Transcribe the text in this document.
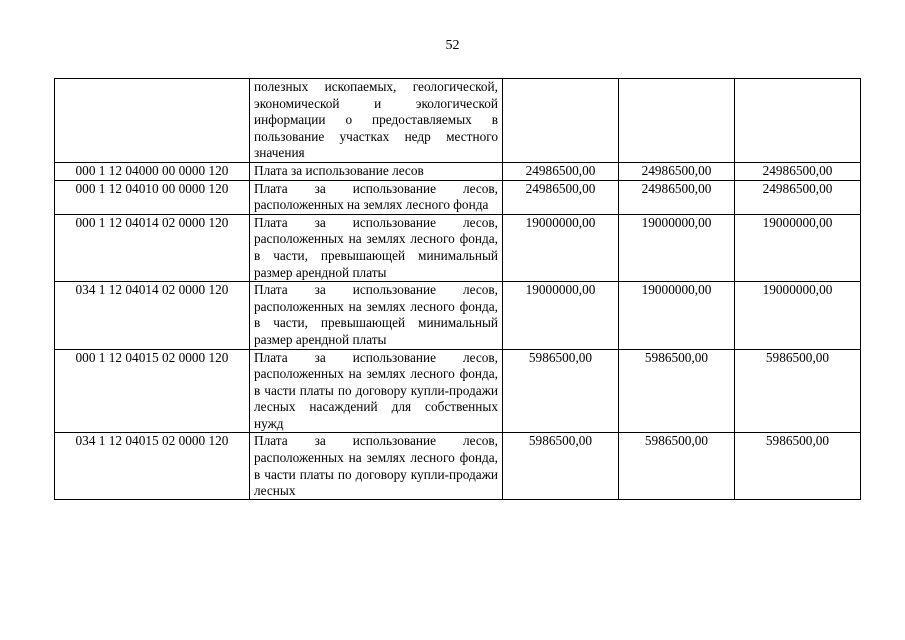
52
	полезных ископаемых, геологической, экономической и экологической информации о предоставляемых в пользование участках недр местного значения			
000 1 12 04000 00 0000 120	Плата за использование лесов	24986500,00	24986500,00	24986500,00
000 1 12 04010 00 0000 120	Плата за использование лесов, расположенных на землях лесного фонда	24986500,00	24986500,00	24986500,00
000 1 12 04014 02 0000 120	Плата за использование лесов, расположенных на землях лесного фонда, в части, превышающей минимальный размер арендной платы	19000000,00	19000000,00	19000000,00
034 1 12 04014 02 0000 120	Плата за использование лесов, расположенных на землях лесного фонда, в части, превышающей минимальный размер арендной платы	19000000,00	19000000,00	19000000,00
000 1 12 04015 02 0000 120	Плата за использование лесов, расположенных на землях лесного фонда, в части платы по договору купли-продажи лесных насаждений для собственных нужд	5986500,00	5986500,00	5986500,00
034 1 12 04015 02 0000 120	Плата за использование лесов, расположенных на землях лесного фонда, в части платы по договору купли-продажи лесных	5986500,00	5986500,00	5986500,00
